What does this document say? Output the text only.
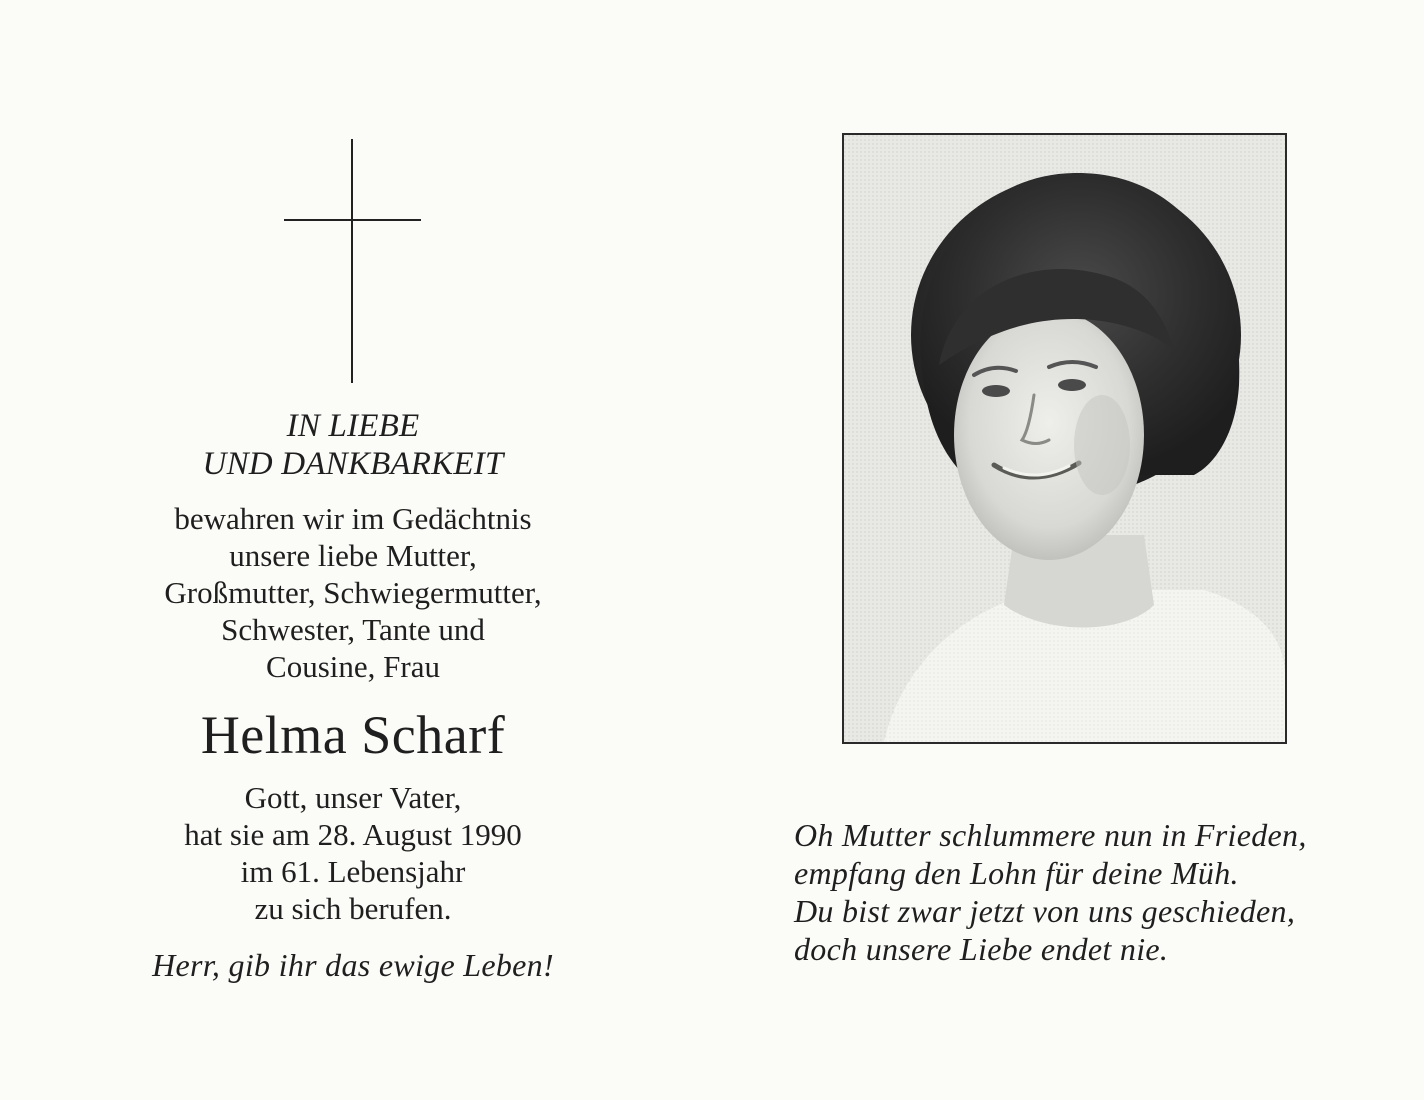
IN LIEBE

UND DANKBARKEIT

bewahren wir im Gedächtnis

unsere liebe Mutter,

Großmutter, Schwiegermutter,

Schwester, Tante und

Cousine, Frau

Helma Scharf

Gott, unser Vater,

hat sie am 28. August 1990

im 61. Lebensjahr

zu sich berufen.

Herr, gib ihr das ewige Leben!

Oh Mutter schlummere nun in Frieden,

empfang den Lohn für deine Müh.

Du bist zwar jetzt von uns geschieden,

doch unsere Liebe endet nie.
